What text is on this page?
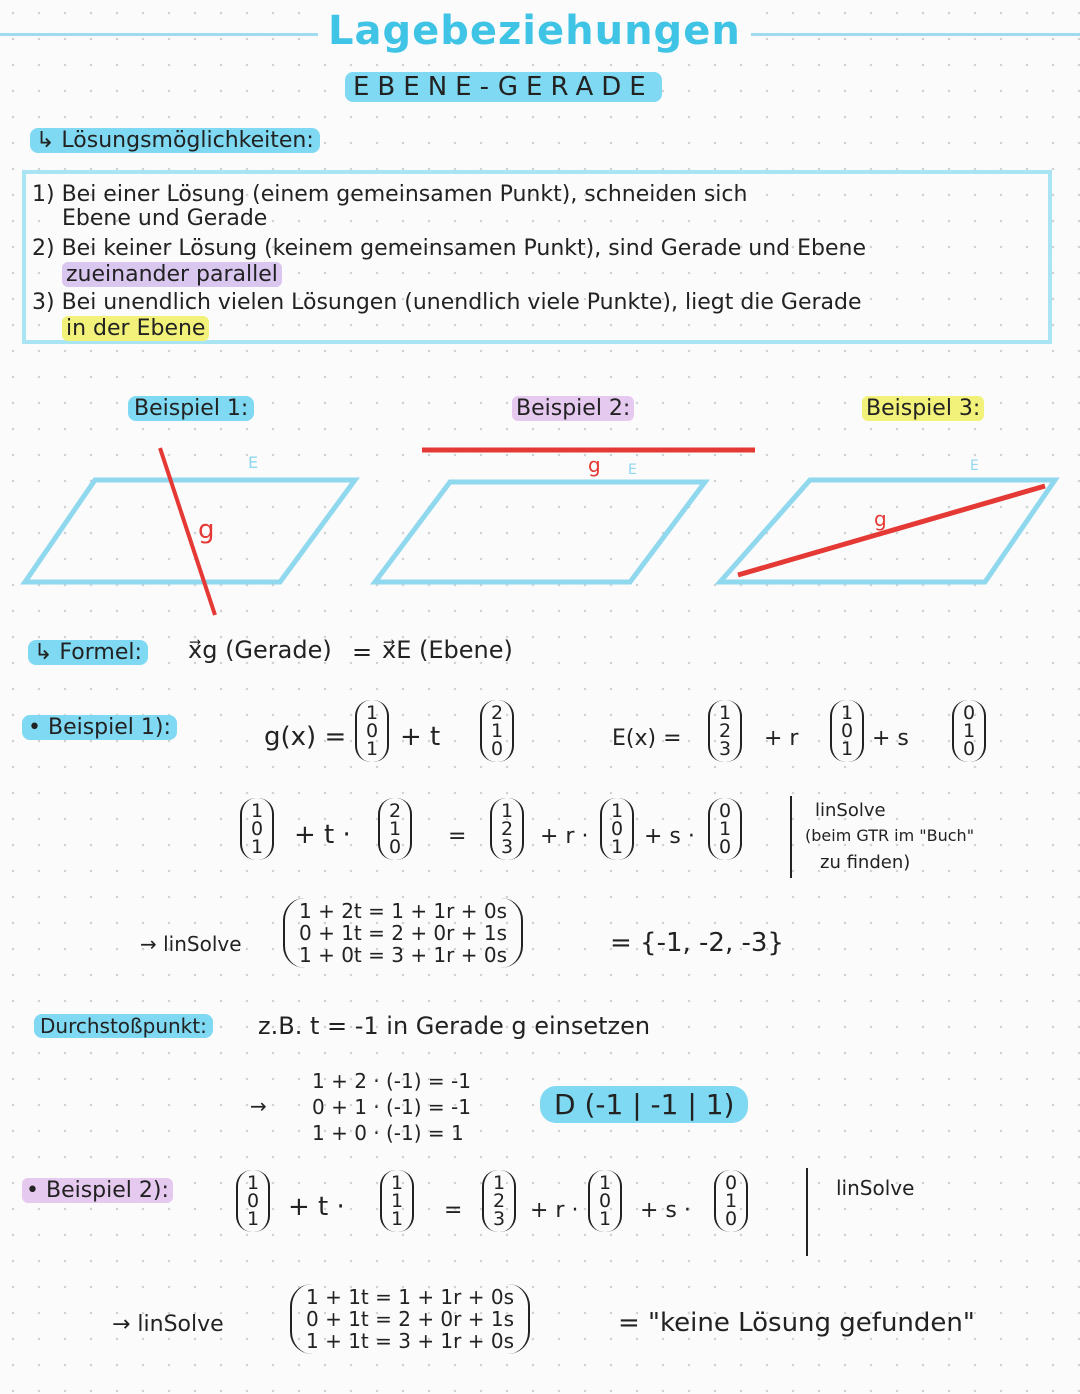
Lagebeziehungen
EBENE-GERADE
↳ Lösungsmöglichkeiten:
1) Bei einer Lösung (einem gemeinsamen Punkt), schneiden sich
Ebene und Gerade
2) Bei keiner Lösung (keinem gemeinsamen Punkt), sind Gerade und Ebene
zueinander parallel
3) Bei unendlich vielen Lösungen (unendlich viele Punkte), liegt die Gerade
in der Ebene
Beispiel 1:	Beispiel 2:	Beispiel 3:
E
g
g E	E
g
↳ Formel: x⃗g (Gerade) = x⃗E (Ebene)
• Beispiel 1):	g(x) =
1
0
1 + t
2
1
0	E(x) =
1
2
3 + r
1
0
1 + s
0
1
0
1
0
1 + t ·
2
1
0 =
1
2
3 + r ·
1
0
1 + s ·
0
1
0
linSolve
(beim GTR im "Buch"
zu finden)
→ linSolve
1 + 2t = 1 + 1r + 0s
0 + 1t = 2 + 0r + 1s
1 + 0t = 3 + 1r + 0s	= {-1, -2, -3}
Durchstoßpunkt: z.B. t = -1 in Gerade g einsetzen
→
1 + 2 · (-1) = -1
0 + 1 · (-1) = -1
1 + 0 · (-1) = 1
D (-1 | -1 | 1)
• Beispiel 2):	1
0
1 + t ·
1
1
1 =
1
2
3 + r ·
1
0
1 + s ·
0
1
0
linSolve
→ linSolve
1 + 1t = 1 + 1r + 0s
0 + 1t = 2 + 0r + 1s
1 + 1t = 3 + 1r + 0s
= "keine Lösung gefunden"
